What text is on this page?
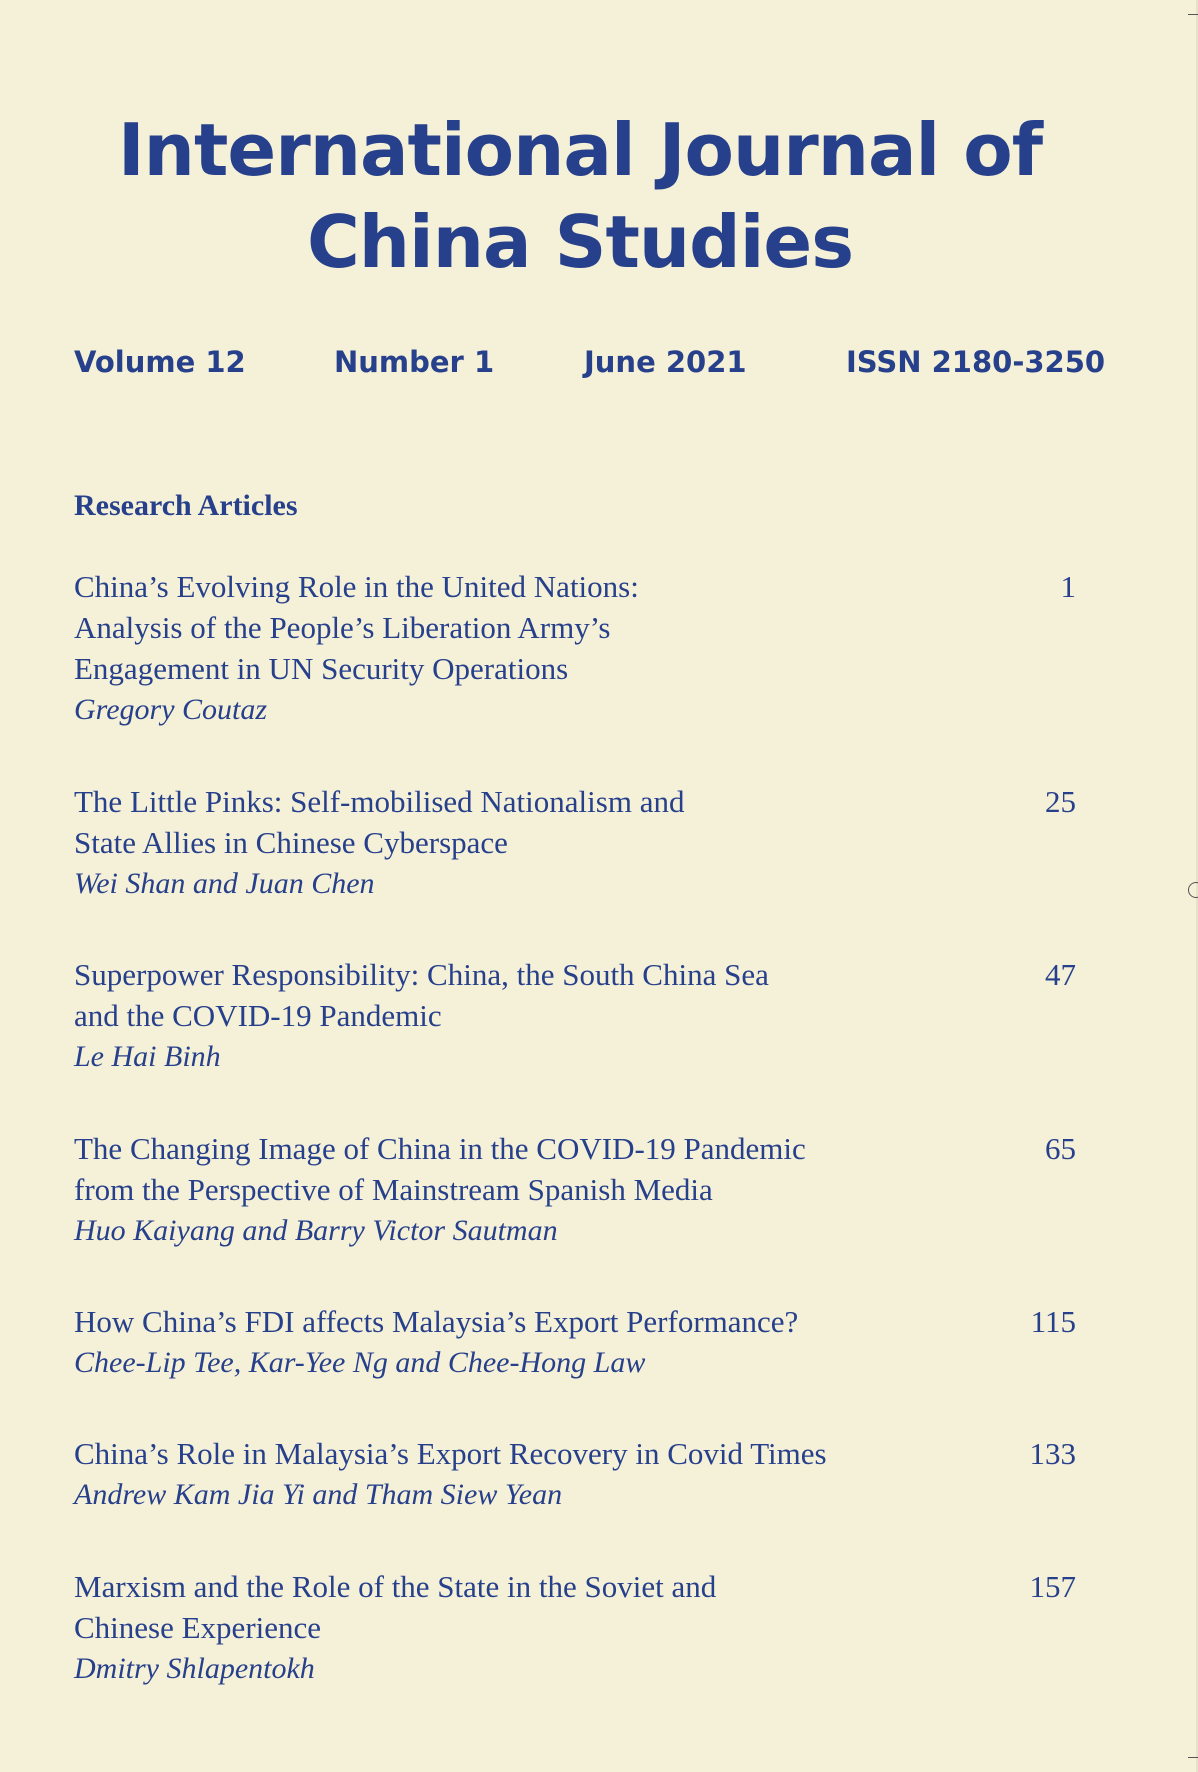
International Journal of
China Studies
Volume 12	Number 1	June 2021	ISSN 2180-3250
Research Articles
China’s Evolving Role in the United Nations:
Analysis of the People’s Liberation Army’s
Engagement in UN Security Operations
Gregory Coutaz
1
The Little Pinks: Self-mobilised Nationalism and
State Allies in Chinese Cyberspace
Wei Shan and Juan Chen
25
Superpower Responsibility: China, the South China Sea
and the COVID-19 Pandemic
Le Hai Binh
47
The Changing Image of China in the COVID-19 Pandemic
from the Perspective of Mainstream Spanish Media
Huo Kaiyang and Barry Victor Sautman
65
How China’s FDI affects Malaysia’s Export Performance?
Chee-Lip Tee, Kar-Yee Ng and Chee-Hong Law
115
China’s Role in Malaysia’s Export Recovery in Covid Times
Andrew Kam Jia Yi and Tham Siew Yean
133
Marxism and the Role of the State in the Soviet and
Chinese Experience
Dmitry Shlapentokh
157
